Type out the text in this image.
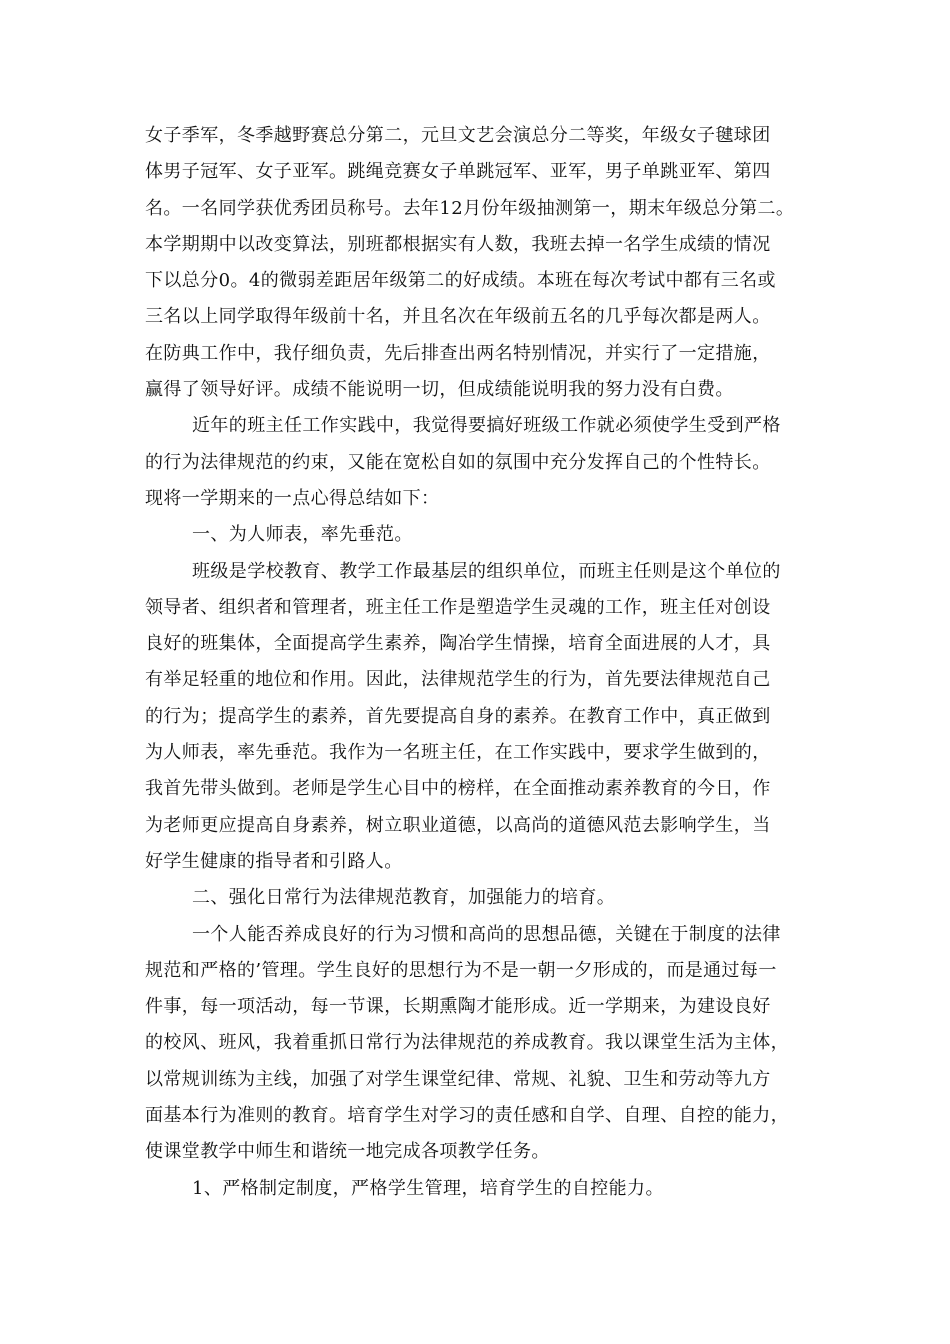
女子季军，冬季越野赛总分第二，元旦文艺会演总分二等奖，年级女子毽球团
体男子冠军、女子亚军。跳绳竞赛女子单跳冠军、亚军，男子单跳亚军、第四
名。一名同学获优秀团员称号。去年12月份年级抽测第一，期末年级总分第二。
本学期期中以改变算法，别班都根据实有人数，我班去掉一名学生成绩的情况
下以总分0。4的微弱差距居年级第二的好成绩。本班在每次考试中都有三名或
三名以上同学取得年级前十名，并且名次在年级前五名的几乎每次都是两人。
在防典工作中，我仔细负责，先后排查出两名特别情况，并实行了一定措施，
赢得了领导好评。成绩不能说明一切，但成绩能说明我的努力没有白费。
近年的班主任工作实践中，我觉得要搞好班级工作就必须使学生受到严格
的行为法律规范的约束，又能在宽松自如的氛围中充分发挥自己的个性特长。
现将一学期来的一点心得总结如下：
一、为人师表，率先垂范。
班级是学校教育、教学工作最基层的组织单位，而班主任则是这个单位的
领导者、组织者和管理者，班主任工作是塑造学生灵魂的工作，班主任对创设
良好的班集体，全面提高学生素养，陶冶学生情操，培育全面进展的人才，具
有举足轻重的地位和作用。因此，法律规范学生的行为，首先要法律规范自己
的行为；提高学生的素养，首先要提高自身的素养。在教育工作中，真正做到
为人师表，率先垂范。我作为一名班主任，在工作实践中，要求学生做到的，
我首先带头做到。老师是学生心目中的榜样，在全面推动素养教育的今日，作
为老师更应提高自身素养，树立职业道德，以高尚的道德风范去影响学生，当
好学生健康的指导者和引路人。
二、强化日常行为法律规范教育，加强能力的培育。
一个人能否养成良好的行为习惯和高尚的思想品德，关键在于制度的法律
规范和严格的’管理。学生良好的思想行为不是一朝一夕形成的，而是通过每一
件事，每一项活动，每一节课，长期熏陶才能形成。近一学期来，为建设良好
的校风、班风，我着重抓日常行为法律规范的养成教育。我以课堂生活为主体，
以常规训练为主线，加强了对学生课堂纪律、常规、礼貌、卫生和劳动等九方
面基本行为准则的教育。培育学生对学习的责任感和自学、自理、自控的能力，
使课堂教学中师生和谐统一地完成各项教学任务。
1、严格制定制度，严格学生管理，培育学生的自控能力。
